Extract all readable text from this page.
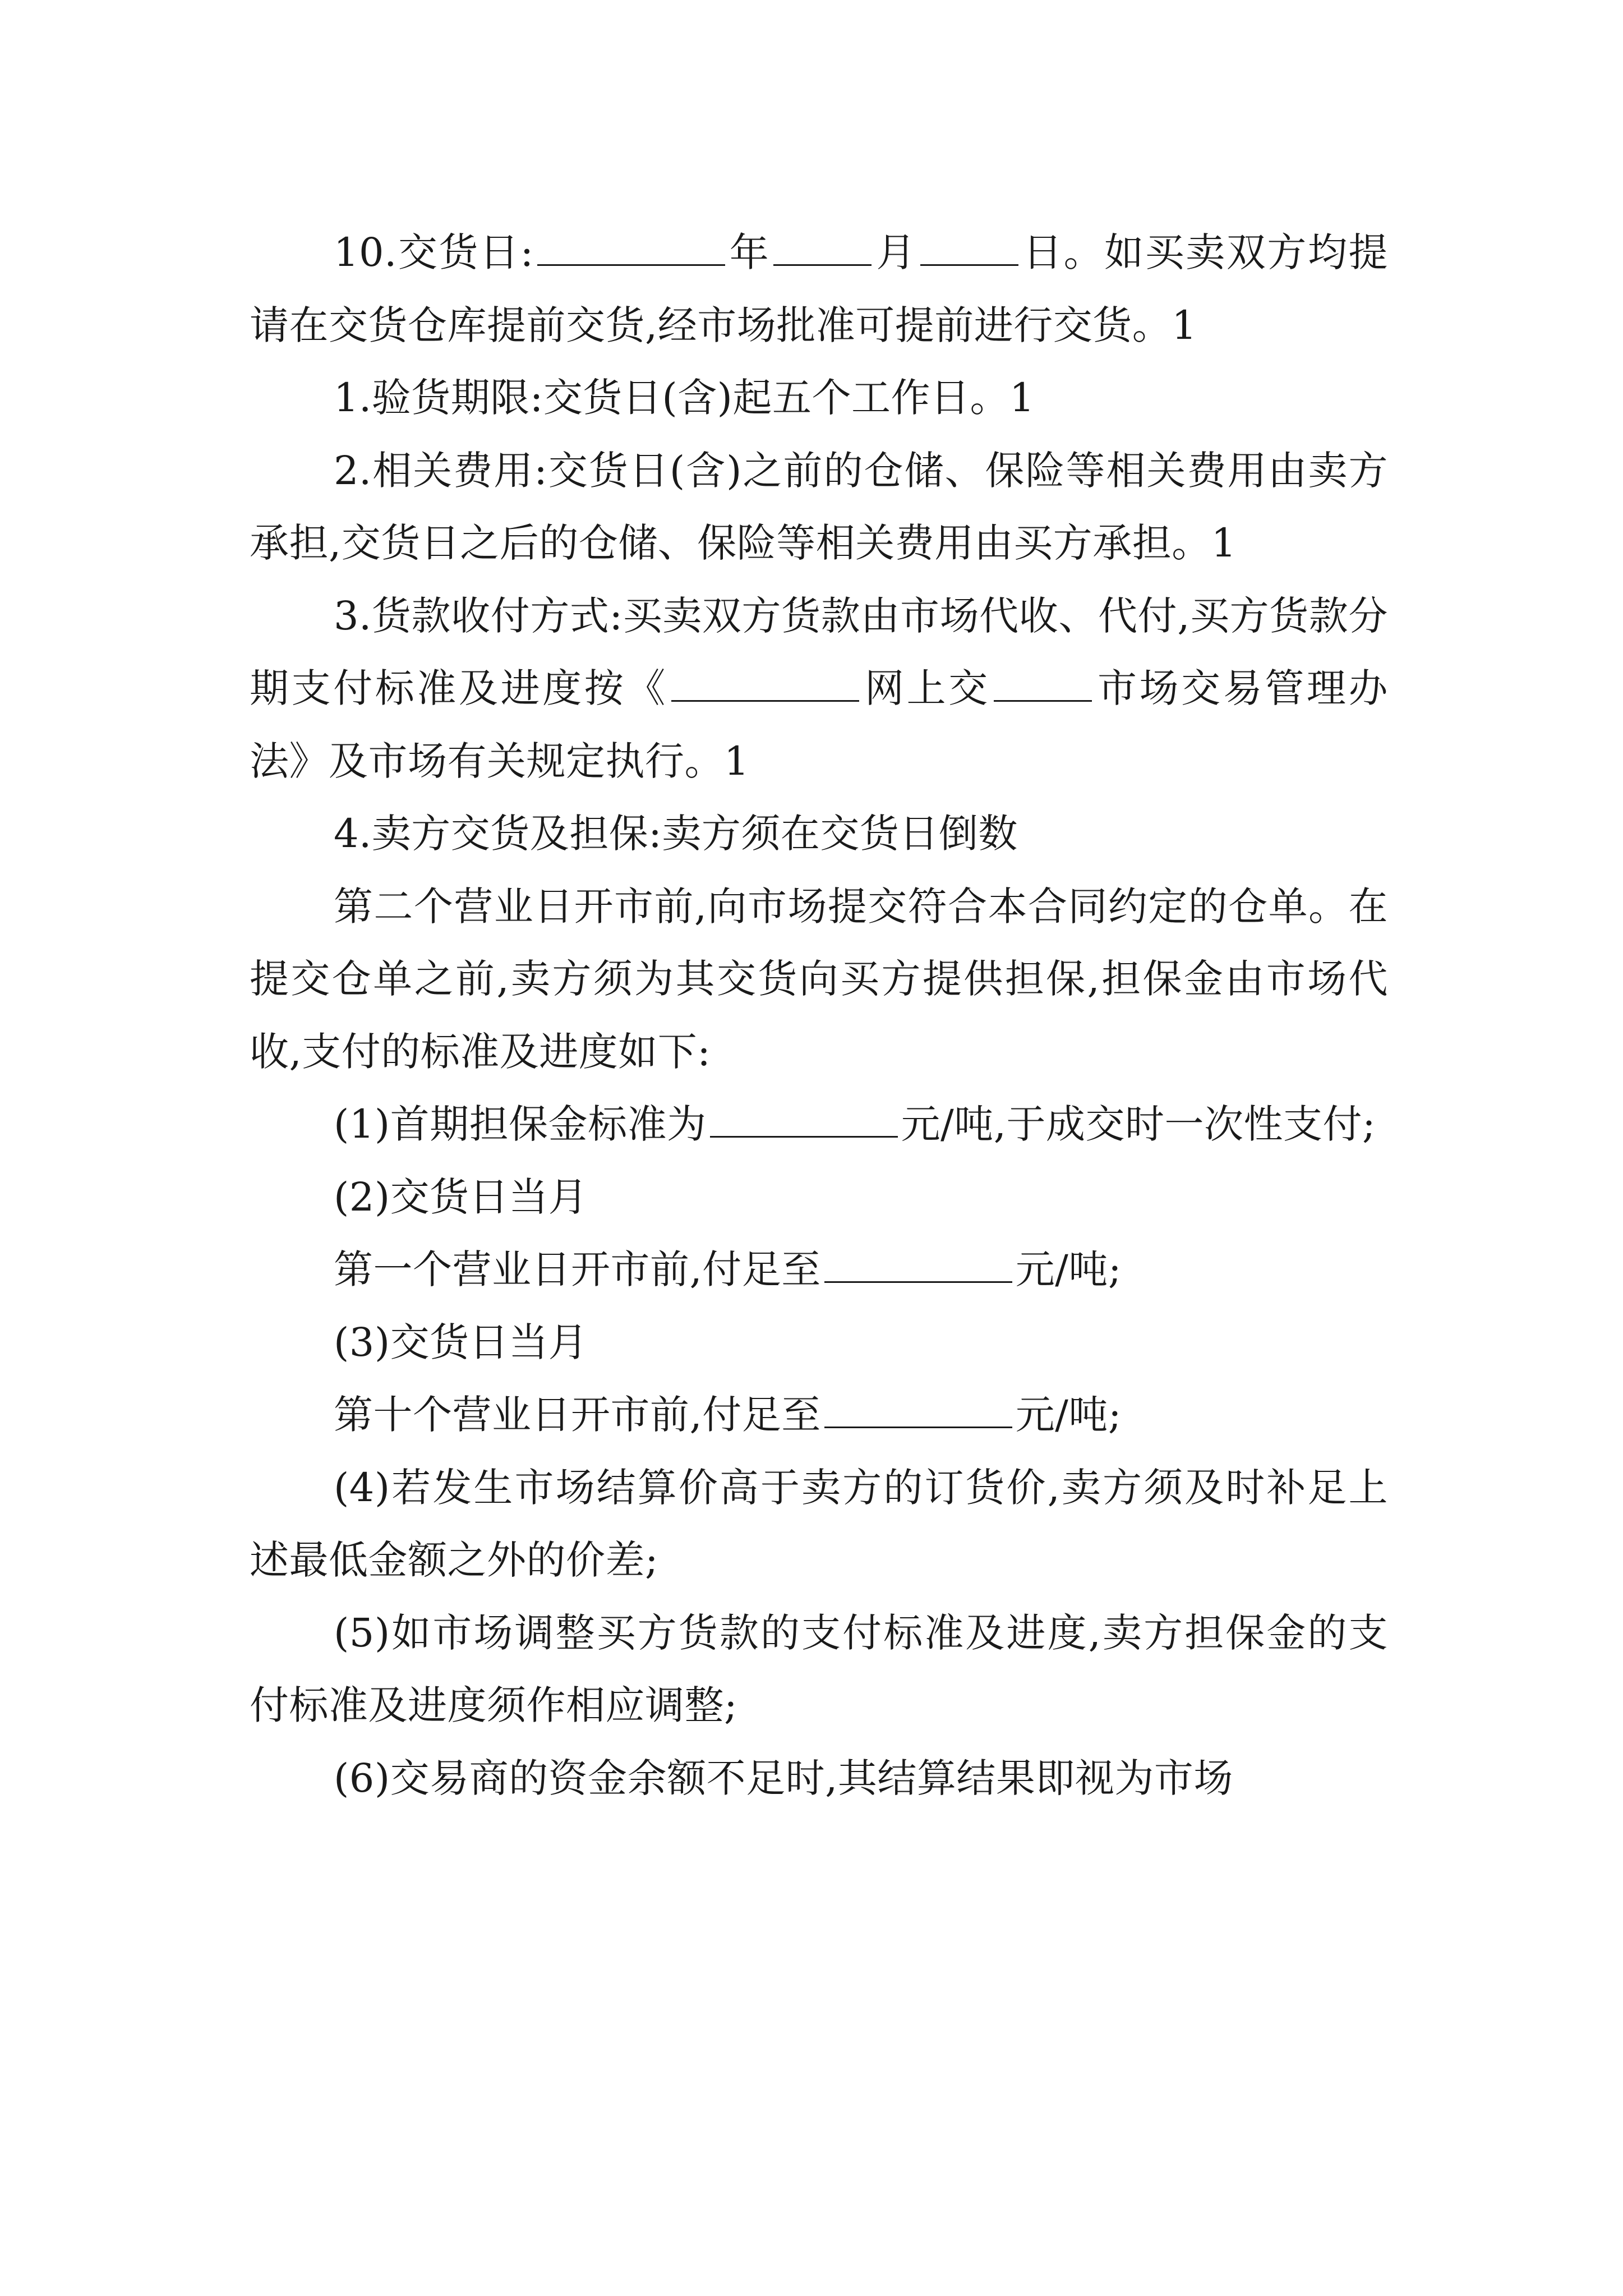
10.交货日:	年	月	日。如买卖双方均提请在交货仓库提前交货,经市场批准可提前进行交货。1

1.验货期限:交货日(含)起五个工作日。1

2.相关费用:交货日(含)之前的仓储、保险等相关费用由卖方承担,交货日之后的仓储、保险等相关费用由买方承担。1

3.货款收付方式:买卖双方货款由市场代收、代付,买方货款分期支付标准及进度按《	网上交	市场交易管理办法》及市场有关规定执行。1

4.卖方交货及担保:卖方须在交货日倒数

第二个营业日开市前,向市场提交符合本合同约定的仓单。在提交仓单之前,卖方须为其交货向买方提供担保,担保金由市场代收,支付的标准及进度如下:

(1)首期担保金标准为	元/吨,于成交时一次性支付;

(2)交货日当月

第一个营业日开市前,付足至	元/吨;

(3)交货日当月

第十个营业日开市前,付足至	元/吨;

(4)若发生市场结算价高于卖方的订货价,卖方须及时补足上述最低金额之外的价差;

(5)如市场调整买方货款的支付标准及进度,卖方担保金的支付标准及进度须作相应调整;

(6)交易商的资金余额不足时,其结算结果即视为市场
